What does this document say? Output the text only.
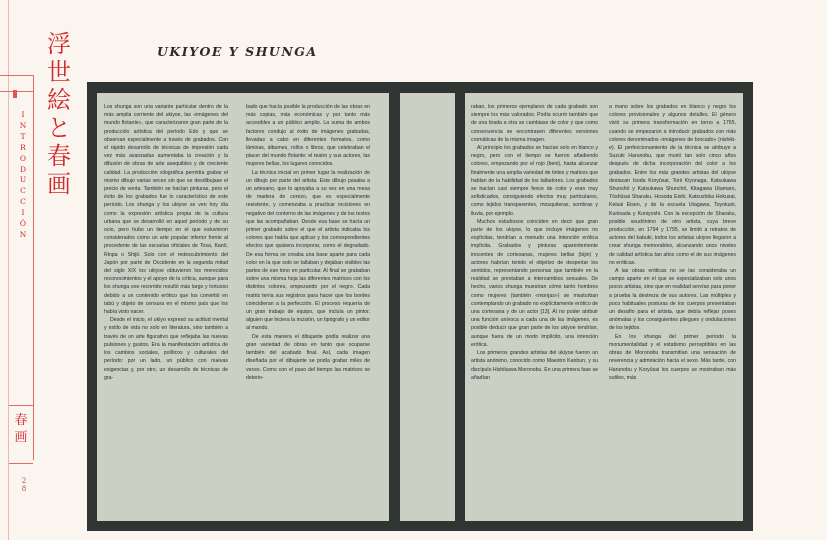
浮
世
絵
と
春
画
I
N
T
R
O
D
U
C
C
I
Ó
N
春
画
2
8
UKIYOE Y SHUNGA

Los shunga son una variante particular dentro de la más amplia corriente del ukiyoe, las «imágenes del mundo flotante», que caracterizaron gran parte de la producción artística del período Edo y que se observan especialmente a través de grabados. Con el rápido desarrollo de técnicas de impresión cada vez más avanzadas aumentaba la creación y la difusión de obras de arte asequibles y de creciente calidad. La producción xilográfica permitía grabar el mismo dibujo varias veces sin que se desdibujase el precio de venta. También se hacían pinturas, pero el éxito de los grabados fue lo característico de este período. Los shunga y los ukiyoe se ven hoy día como la expresión artística propia de la cultura urbana que se desarrolló en aquel período y de su ocio, pero hubo un tiempo en el que estuvieron considerados como un arte popular inferior frente al procedente de las escuelas oficiales de Tosa, Kanō, Rinpa o Shijō. Solo con el redescubrimiento del Japón por parte de Occidente en la segunda mitad del siglo XIX los ukiyoe obtuvieron los merecidos reconocimientos y el apoyo de la crítica, aunque para los shunga ese recorrido resultó más largo y tortuoso debido a un contenido erótico que los convirtió en tabú y objeto de censura en el mismo país que los había visto nacer.

Desde el inicio, el ukiyo expresó su actitud mental y estilo de vida no solo en literatura, sino también a través de un arte figurativo que reflejaba las nuevas pulsiones y gustos. Era la manifestación artística de los cambios sociales, políticos y culturales del período: por un lado, un público con nuevas exigencias y, por otro, un desarrollo de técnicas de gra-

bado que hacía posible la producción de las obras en más copias, más económicas y por tanto más accesibles a un público amplio. La suma de ambos factores condujo al éxito de imágenes grabadas, llevadas a cabo en diferentes formatos, como láminas, álbumes, rollos o libros, que celebraban el placer del mundo flotante: el teatro y sus actores, las mujeres bellas, los lugares conocidos.

La técnica inicial en primer lugar la realización de un dibujo por parte del artista. Este dibujo pasaba a un artesano, que lo apoyaba a su vez en una mesa de madera de cerezo, que es especialmente resistente, y comenzaba a practicar incisiones en negativo del contorno de las imágenes y de los textos que las acompañaban. Desde esa base se hacía un primer grabado sobre el que el artista indicaba los colores que había que aplicar y los correspondientes efectos que quisiera incorporar, como el degradado. De esa forma se creaba una base aparte para cada color en la que solo se tallaban y dejaban visibles las partes de ese tono en particular. Al final se grababan sobre una misma hoja las diferentes matrices con los distintos colores, empezando por el negro. Cada matriz tenía sus registros para hacer que los bordes coincidieran a la perfección. El proceso requería de un gran trabajo de equipo, que incluía un pintor, alguien que hiciera la incisión, un tipógrafo y un editor al mando.

De esta manera el dibujante podía realizar una gran variedad de obras en tanto que ocuparse también del acabado final. Así, cada imagen diseñada por el dibujante se podía grabar miles de veces. Como con el paso del tiempo las matrices se deterio-

raban, los primeros ejemplares de cada grabado son siempre los más valorados. Podía ocurrir también que de una tirada a otra se cambiase de color y que como consecuencia se encontrasen diferentes versiones cromáticas de la misma imagen.

Al principio los grabados se hacían solo en blanco y negro, pero con el tiempo se fueron añadiendo colores, empezando por el rojo (beni), hasta alcanzar finalmente una amplia variedad de tintes y matices que hablan de la habilidad de los talladores. Los grabados se hacían casi siempre fence de color y eran muy sofisticados, consiguiendo efectos muy particulares, como tejidos transparentes, mosquiteras, sombras y lluvia, por ejemplo.

Muchos estudiosos coinciden en decir que gran parte de los ukiyoe, lo que incluye imágenes no explícitas, tendrían a menudo una intención erótica implícita. Grabados y pinturas aparentemente inocentes de cortesanas, mujeres bellas (bijin) y actores habrían tenido el objetivo de despertar los sentidos, representando personas que también en la realidad se prestaban a intercambios sexuales. De hecho, varios shunga muestran cómo tanto hombres como mujeres (también «monjas») se masturban contemplando un grabado no explícitamente erótico de una cortesana y de un actor [13]. Al no poder atribuir una función unívoca a cada una de las imágenes, es posible deducir que gran parte de los ukiyoe tendrían, aunque fuera de un modo implícito, una intención erótica.

Los primeros grandes artistas del ukiyoe fueron un artista anónimo, conocido como Maestro Kanbun, y su discípulo Hishikawa Moronobu. En una primera fase se añadían

a mano sobre los grabados en blanco y negro los colores provisionales y algunos detalles. El género vivió su primera transformación en torno a 1765, cuando se empezaron a introducir grabados con más colores denominados «imágenes de brocado» (nishiki-e). El perfeccionamiento de la técnica se atribuye a Suzuki Harunobu, que murió tan solo cinco años después de dicha incorporación del color a los grabados. Entre los más grandes artistas del ukiyoe destacan Isoda Koryūsai, Torii Kiyonaga, Katsukawa Shunshō y Katsukawa Shunchō, Kitagawa Utamaro, Tōshūsai Sharaku, Hosoda Eishi, Katsushika Hokusai, Keisai Eisen, y de la escuela Utagawa, Toyokuni, Kunisada y Kuniyoshi. Con la excepción de Sharaku, posible seudónimo de otro artista, cuya breve producción, en 1794 y 1795, se limitó a retratos de actores del kabuki, todos los artistas ukiyoe llegaron a crear shunga memorables, alcanzando unos niveles de calidad artística tan altos como el de sus imágenes no eróticas.

A las obras eróticas no se las consideraba un campo aparte en el que se especializaban solo unos pocos artistas, sino que en realidad servían para poner a prueba la destreza de sus autores. Las múltiples y poco habituales posturas de los cuerpos presentaban un desafío para el artista, que debía reflejar poses anómalas y los consiguientes pliegues y ondulaciones de los tejidos.

En los shunga del primer período la monumentalidad y el estatismo perceptibles en las obras de Moronobu transmitían una sensación de reverencia y admiración hacia el sexo. Más tarde, con Harunobu y Koryūsai los cuerpos se mostraban más sutiles, más
